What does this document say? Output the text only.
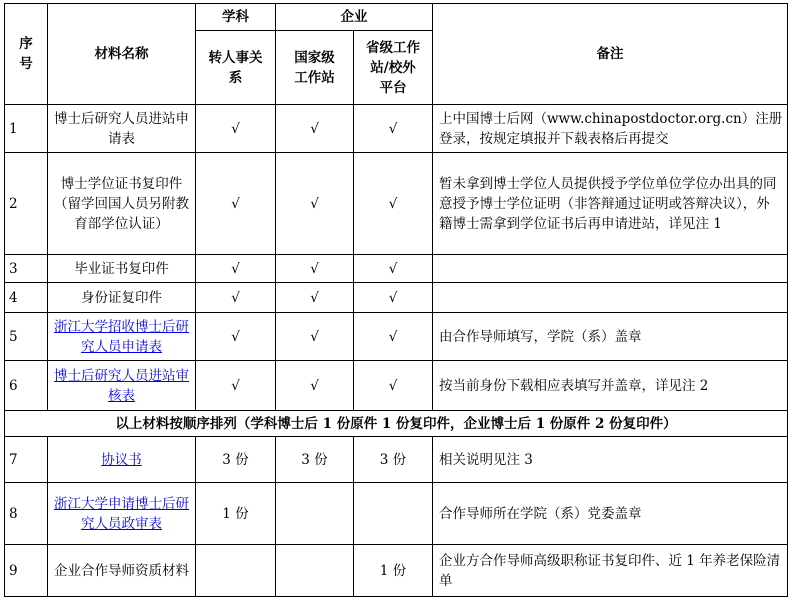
序号	材料名称	学科	企业		备注
		转人事关系	国家级工作站	省级工作站/校外平台	
1	博士后研究人员进站申请表	√	√	√	上中国博士后网（www.chinapostdoctor.org.cn）注册登录，按规定填报并下载表格后再提交
2	博士学位证书复印件（留学回国人员另附教育部学位认证）	√	√	√	暂未拿到博士学位人员提供授予学位单位学位办出具的同意授予博士学位证明（非答辩通过证明或答辩决议），外籍博士需拿到学位证书后再申请进站，详见注 1
3	毕业证书复印件	√	√	√	
4	身份证复印件	√	√	√	
5	浙江大学招收博士后研究人员申请表	√	√	√	由合作导师填写，学院（系）盖章
6	博士后研究人员进站审核表	√	√	√	按当前身份下载相应表填写并盖章，详见注 2
以上材料按顺序排列（学科博士后 1 份原件 1 份复印件，企业博士后 1 份原件 2 份复印件）					
7	协议书	3 份	3 份	3 份	相关说明见注 3
8	浙江大学申请博士后研究人员政审表	1 份			合作导师所在学院（系）党委盖章
9	企业合作导师资质材料			1 份	企业方合作导师高级职称证书复印件、近 1 年养老保险清单
